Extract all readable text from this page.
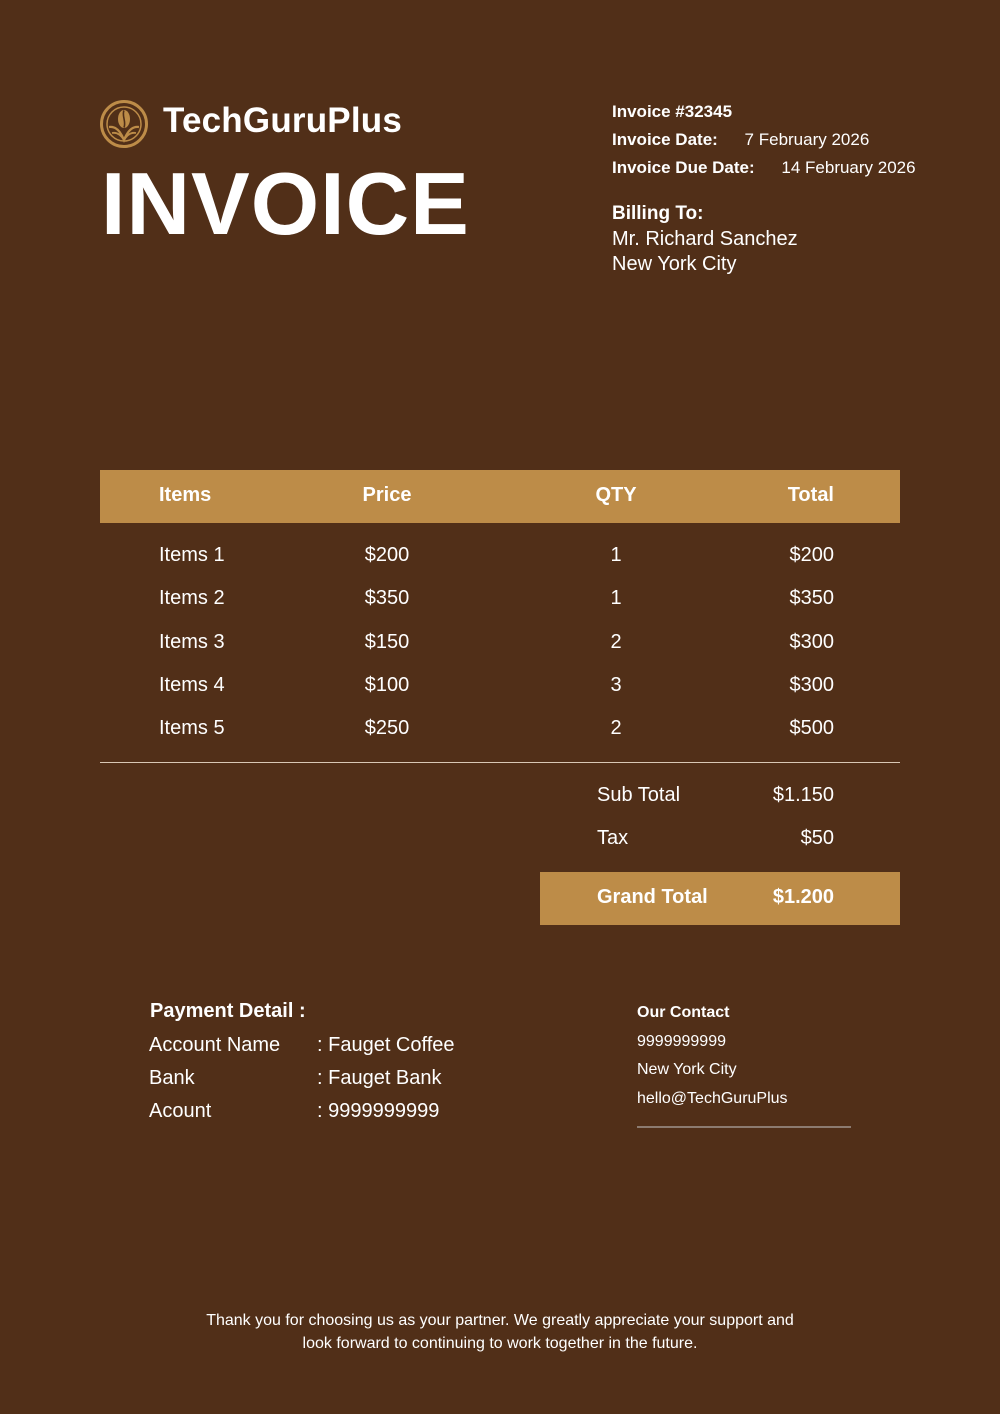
TechGuruPlus
INVOICE
Invoice #32345
Invoice Date: 7 February 2026
Invoice Due Date: 14 February 2026
Billing To:
Mr. Richard Sanchez
New York City
Items	Price	QTY	Total
Items 1	$200	1	$200
Items 2	$350	1	$350
Items 3	$150	2	$300
Items 4	$100	3	$300
Items 5	$250	2	$500
Sub Total	$1.150
Tax	$50
Grand Total	$1.200
Payment Detail :
Account Name : Fauget Coffee
Bank	: Fauget Bank
Acount	: 9999999999
Our Contact
9999999999
New York City
hello@TechGuruPlus
Thank you for choosing us as your partner. We greatly appreciate your support and
look forward to continuing to work together in the future.
